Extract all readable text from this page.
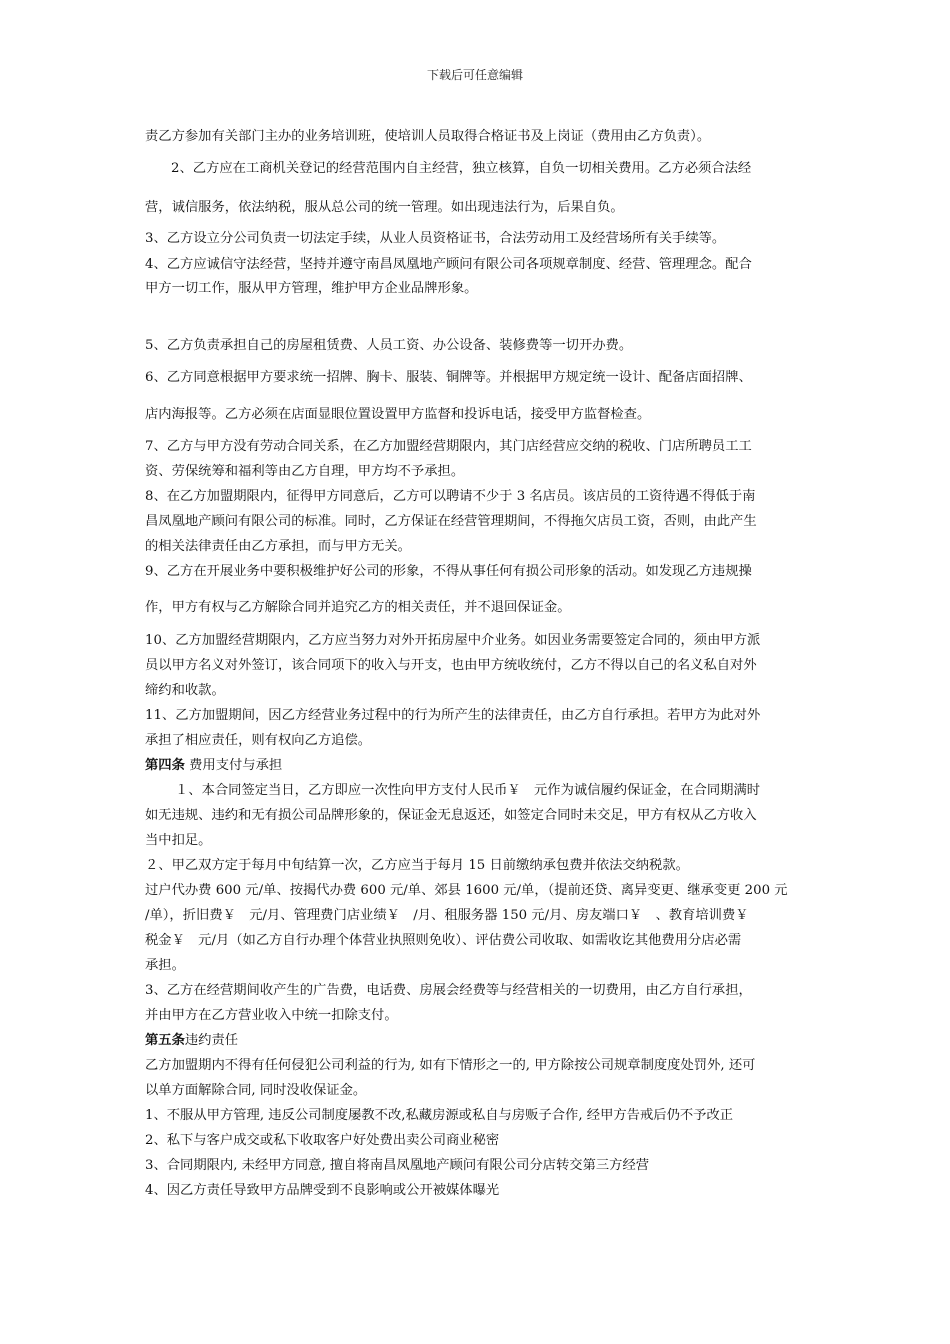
下载后可任意编辑
责乙方参加有关部门主办的业务培训班，使培训人员取得合格证书及上岗证（费用由乙方负责）。
2、乙方应在工商机关登记的经营范围内自主经营，独立核算，自负一切相关费用。乙方必须合法经
营，诚信服务，依法纳税，服从总公司的统一管理。如出现违法行为，后果自负。
3、乙方设立分公司负责一切法定手续，从业人员资格证书，合法劳动用工及经营场所有关手续等。
4、乙方应诚信守法经营，坚持并遵守南昌凤凰地产顾问有限公司各项规章制度、经营、管理理念。配合
甲方一切工作，服从甲方管理，维护甲方企业品牌形象。
5、乙方负责承担自己的房屋租赁费、人员工资、办公设备、装修费等一切开办费。
6、乙方同意根据甲方要求统一招牌、胸卡、服装、铜牌等。并根据甲方规定统一设计、配备店面招牌、
店内海报等。乙方必须在店面显眼位置设置甲方监督和投诉电话，接受甲方监督检查。
7、乙方与甲方没有劳动合同关系，在乙方加盟经营期限内，其门店经营应交纳的税收、门店所聘员工工
资、劳保统筹和福利等由乙方自理，甲方均不予承担。
8、在乙方加盟期限内，征得甲方同意后，乙方可以聘请不少于 3 名店员。该店员的工资待遇不得低于南
昌凤凰地产顾问有限公司的标准。同时，乙方保证在经营管理期间，不得拖欠店员工资，否则，由此产生
的相关法律责任由乙方承担，而与甲方无关。
9、乙方在开展业务中要积极维护好公司的形象，不得从事任何有损公司形象的活动。如发现乙方违规操
作，甲方有权与乙方解除合同并追究乙方的相关责任，并不退回保证金。
10、乙方加盟经营期限内，乙方应当努力对外开拓房屋中介业务。如因业务需要签定合同的，须由甲方派
员以甲方名义对外签订，该合同项下的收入与开支，也由甲方统收统付，乙方不得以自己的名义私自对外
缔约和收款。
11、乙方加盟期间，因乙方经营业务过程中的行为所产生的法律责任，由乙方自行承担。若甲方为此对外
承担了相应责任，则有权向乙方追偿。
第四条 费用支付与承担
１、本合同签定当日，乙方即应一次性向甲方支付人民币￥　元作为诚信履约保证金，在合同期满时
如无违规、违约和无有损公司品牌形象的，保证金无息返还，如签定合同时未交足，甲方有权从乙方收入
当中扣足。
２、甲乙双方定于每月中旬结算一次，乙方应当于每月 15 日前缴纳承包费并依法交纳税款。
过户代办费 600 元/单、按揭代办费 600 元/单、郊县 1600 元/单，（提前还贷、离异变更、继承变更 200 元
/单），折旧费￥　元/月、管理费门店业绩￥　/月、租服务器 150 元/月、房友端口￥　、教育培训费￥
税金￥　元/月（如乙方自行办理个体营业执照则免收）、评估费公司收取、如需收讫其他费用分店必需
承担。
3、乙方在经营期间收产生的广告费，电话费、房展会经费等与经营相关的一切费用，由乙方自行承担，
并由甲方在乙方营业收入中统一扣除支付。
第五条违约责任
乙方加盟期内不得有任何侵犯公司利益的行为, 如有下情形之一的, 甲方除按公司规章制度度处罚外, 还可
以单方面解除合同, 同时没收保证金。
1、不服从甲方管理, 违反公司制度屡教不改,私藏房源或私自与房贩子合作, 经甲方告戒后仍不予改正
2、私下与客户成交或私下收取客户好处费出卖公司商业秘密
3、合同期限内, 未经甲方同意, 擅自将南昌凤凰地产顾问有限公司分店转交第三方经营
4、因乙方责任导致甲方品牌受到不良影响或公开被媒体曝光
